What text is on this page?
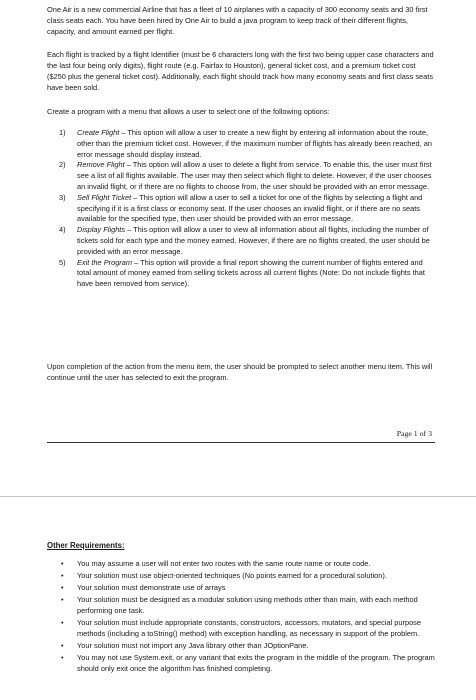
One Air is a new commercial Airline that has a fleet of 10 airplanes with a capacity of 300 economy seats and 30 first class seats each. You have been hired by One Air to build a java program to keep track of their different flights, capacity, and amount earned per flight.

Each flight is tracked by a flight Identifier (must be 6 characters long with the first two being upper case characters and the last four being only digits), flight route (e.g. Fairfax to Houston), general ticket cost, and a premium ticket cost ($250 plus the general ticket cost). Additionally, each flight should track how many economy seats and first class seats have been sold.

Create a program with a menu that allows a user to select one of the following options:

1) Create Flight – This option will allow a user to create a new flight by entering all information about the route, other than the premium ticket cost. However, if the maximum number of flights has already been reached, an error message should display instead.
2) Remove Flight – This option will allow a user to delete a flight from service. To enable this, the user must first see a list of all flights available. The user may then select which flight to delete. However, if the user chooses an invalid flight, or if there are no flights to choose from, the user should be provided with an error message.
3) Sell Flight Ticket – This option will allow a user to sell a ticket for one of the flights by selecting a flight and specifying if it is a first class or economy seat. If the user chooses an invalid flight, or if there are no seats available for the specified type, then user should be provided with an error message.
4) Display Flights – This option will allow a user to view all information about all flights, including the number of tickets sold for each type and the money earned. However, if there are no flights created, the user should be provided with an error message.
5) Exit the Program – This option will provide a final report showing the current number of flights entered and total amount of money earned from selling tickets across all current flights (Note: Do not include flights that have been removed from service).

Upon completion of the action from the menu item, the user should be prompted to select another menu item. This will continue until the user has selected to exit the program.

Page 1 of 3
Other Requirements:
• You may assume a user will not enter two routes with the same route name or route code.
• Your solution must use object-oriented techniques (No points earned for a procedural solution).
• Your solution must demonstrate use of arrays
• Your solution must be designed as a modular solution using methods other than main, with each method performing one task.
• Your solution must include appropriate constants, constructors, accessors, mutators, and special purpose methods (including a toString() method) with exception handling, as necessary in support of the problem.
• Your solution must not import any Java library other than JOptionPane.
• You may not use System.exit, or any variant that exits the program in the middle of the program. The program should only exit once the algorithm has finished completing.
